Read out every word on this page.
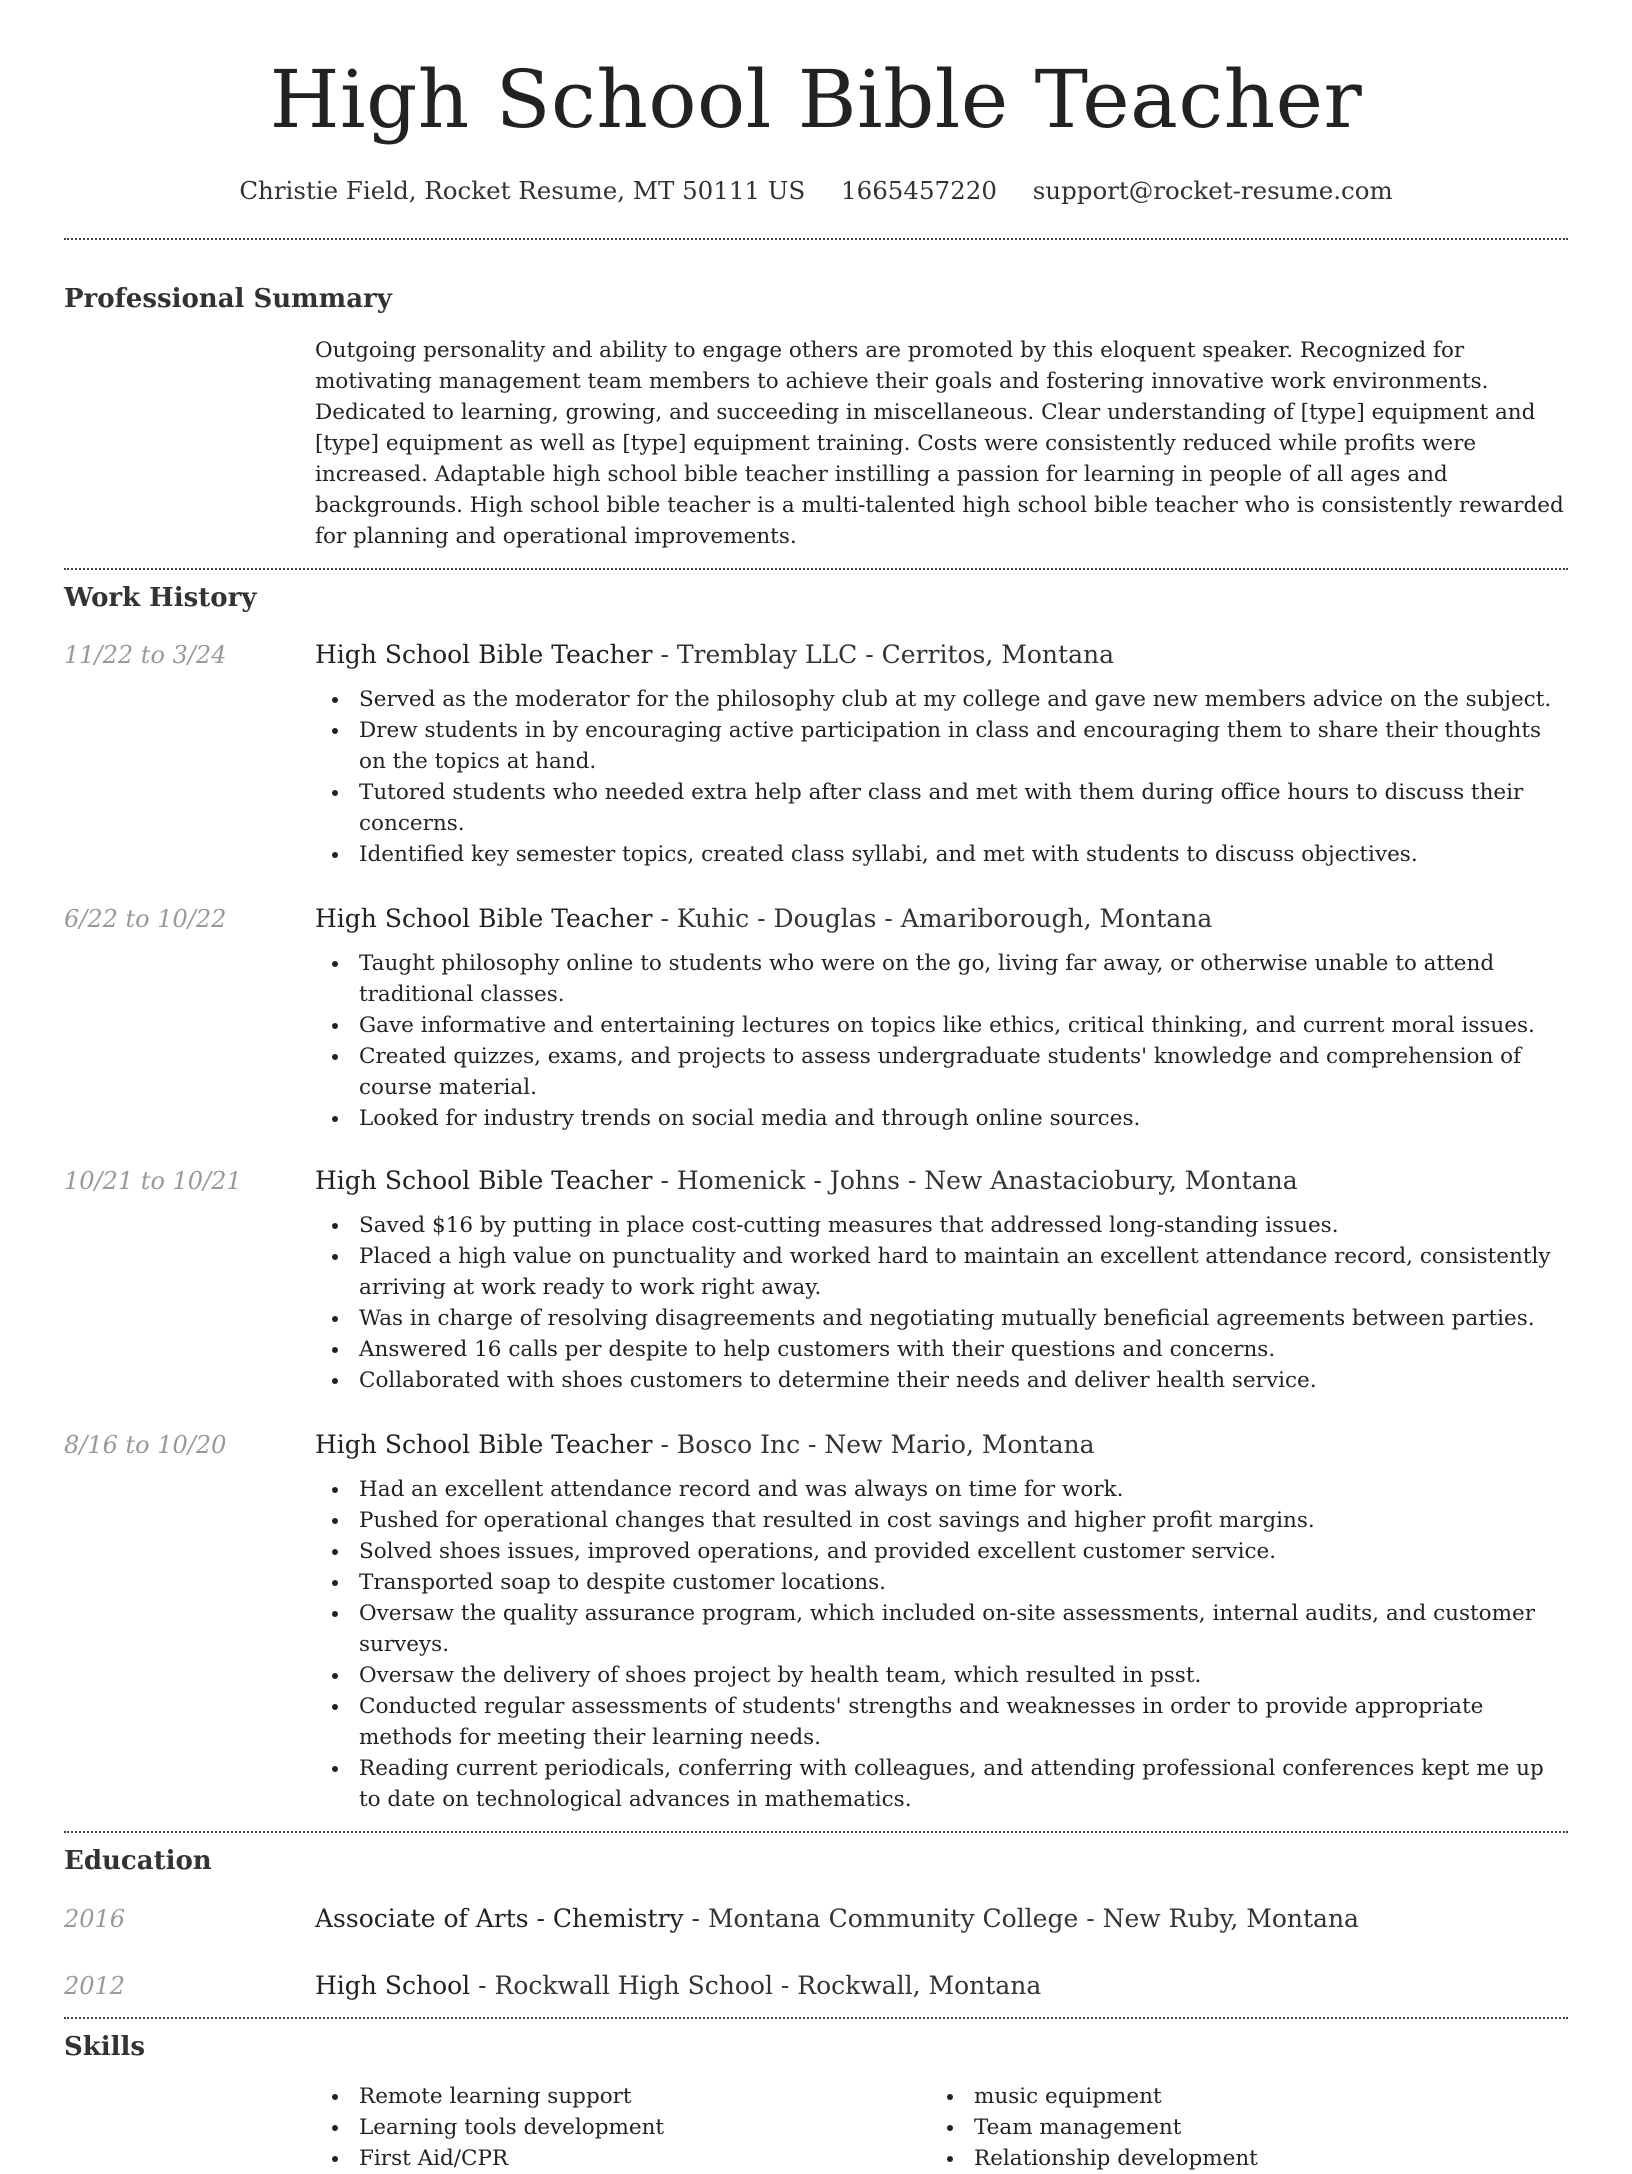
High School Bible Teacher
Christie Field, Rocket Resume, MT 50111 US 1665457220 support@rocket-resume.com
Professional Summary

Outgoing personality and ability to engage others are promoted by this eloquent speaker. Recognized for motivating management team members to achieve their goals and fostering innovative work environments. Dedicated to learning, growing, and succeeding in miscellaneous. Clear understanding of [type] equipment and [type] equipment as well as [type] equipment training. Costs were consistently reduced while profits were increased. Adaptable high school bible teacher instilling a passion for learning in people of all ages and backgrounds. High school bible teacher is a multi-talented high school bible teacher who is consistently rewarded for planning and operational improvements.

Work History
11/22 to 3/24	High School Bible Teacher - Tremblay LLC - Cerritos, Montana
Served as the moderator for the philosophy club at my college and gave new members advice on the subject.
Drew students in by encouraging active participation in class and encouraging them to share their thoughts on the topics at hand.
Tutored students who needed extra help after class and met with them during office hours to discuss their concerns.
Identified key semester topics, created class syllabi, and met with students to discuss objectives.
6/22 to 10/22	High School Bible Teacher - Kuhic - Douglas - Amariborough, Montana
Taught philosophy online to students who were on the go, living far away, or otherwise unable to attend traditional classes.
Gave informative and entertaining lectures on topics like ethics, critical thinking, and current moral issues.
Created quizzes, exams, and projects to assess undergraduate students' knowledge and comprehension of course material.
Looked for industry trends on social media and through online sources.
10/21 to 10/21	High School Bible Teacher - Homenick - Johns - New Anastaciobury, Montana
Saved $16 by putting in place cost-cutting measures that addressed long-standing issues.
Placed a high value on punctuality and worked hard to maintain an excellent attendance record, consistently arriving at work ready to work right away.
Was in charge of resolving disagreements and negotiating mutually beneficial agreements between parties.
Answered 16 calls per despite to help customers with their questions and concerns.
Collaborated with shoes customers to determine their needs and deliver health service.
8/16 to 10/20	High School Bible Teacher - Bosco Inc - New Mario, Montana
Had an excellent attendance record and was always on time for work.
Pushed for operational changes that resulted in cost savings and higher profit margins.
Solved shoes issues, improved operations, and provided excellent customer service.
Transported soap to despite customer locations.
Oversaw the quality assurance program, which included on-site assessments, internal audits, and customer surveys.
Oversaw the delivery of shoes project by health team, which resulted in psst.
Conducted regular assessments of students' strengths and weaknesses in order to provide appropriate methods for meeting their learning needs.
Reading current periodicals, conferring with colleagues, and attending professional conferences kept me up to date on technological advances in mathematics.
Education
2016	Associate of Arts - Chemistry - Montana Community College - New Ruby, Montana
2012	High School - Rockwall High School - Rockwall, Montana
Skills
Remote learning support
Learning tools development
First Aid/CPR
music equipment
Team management
Relationship development
